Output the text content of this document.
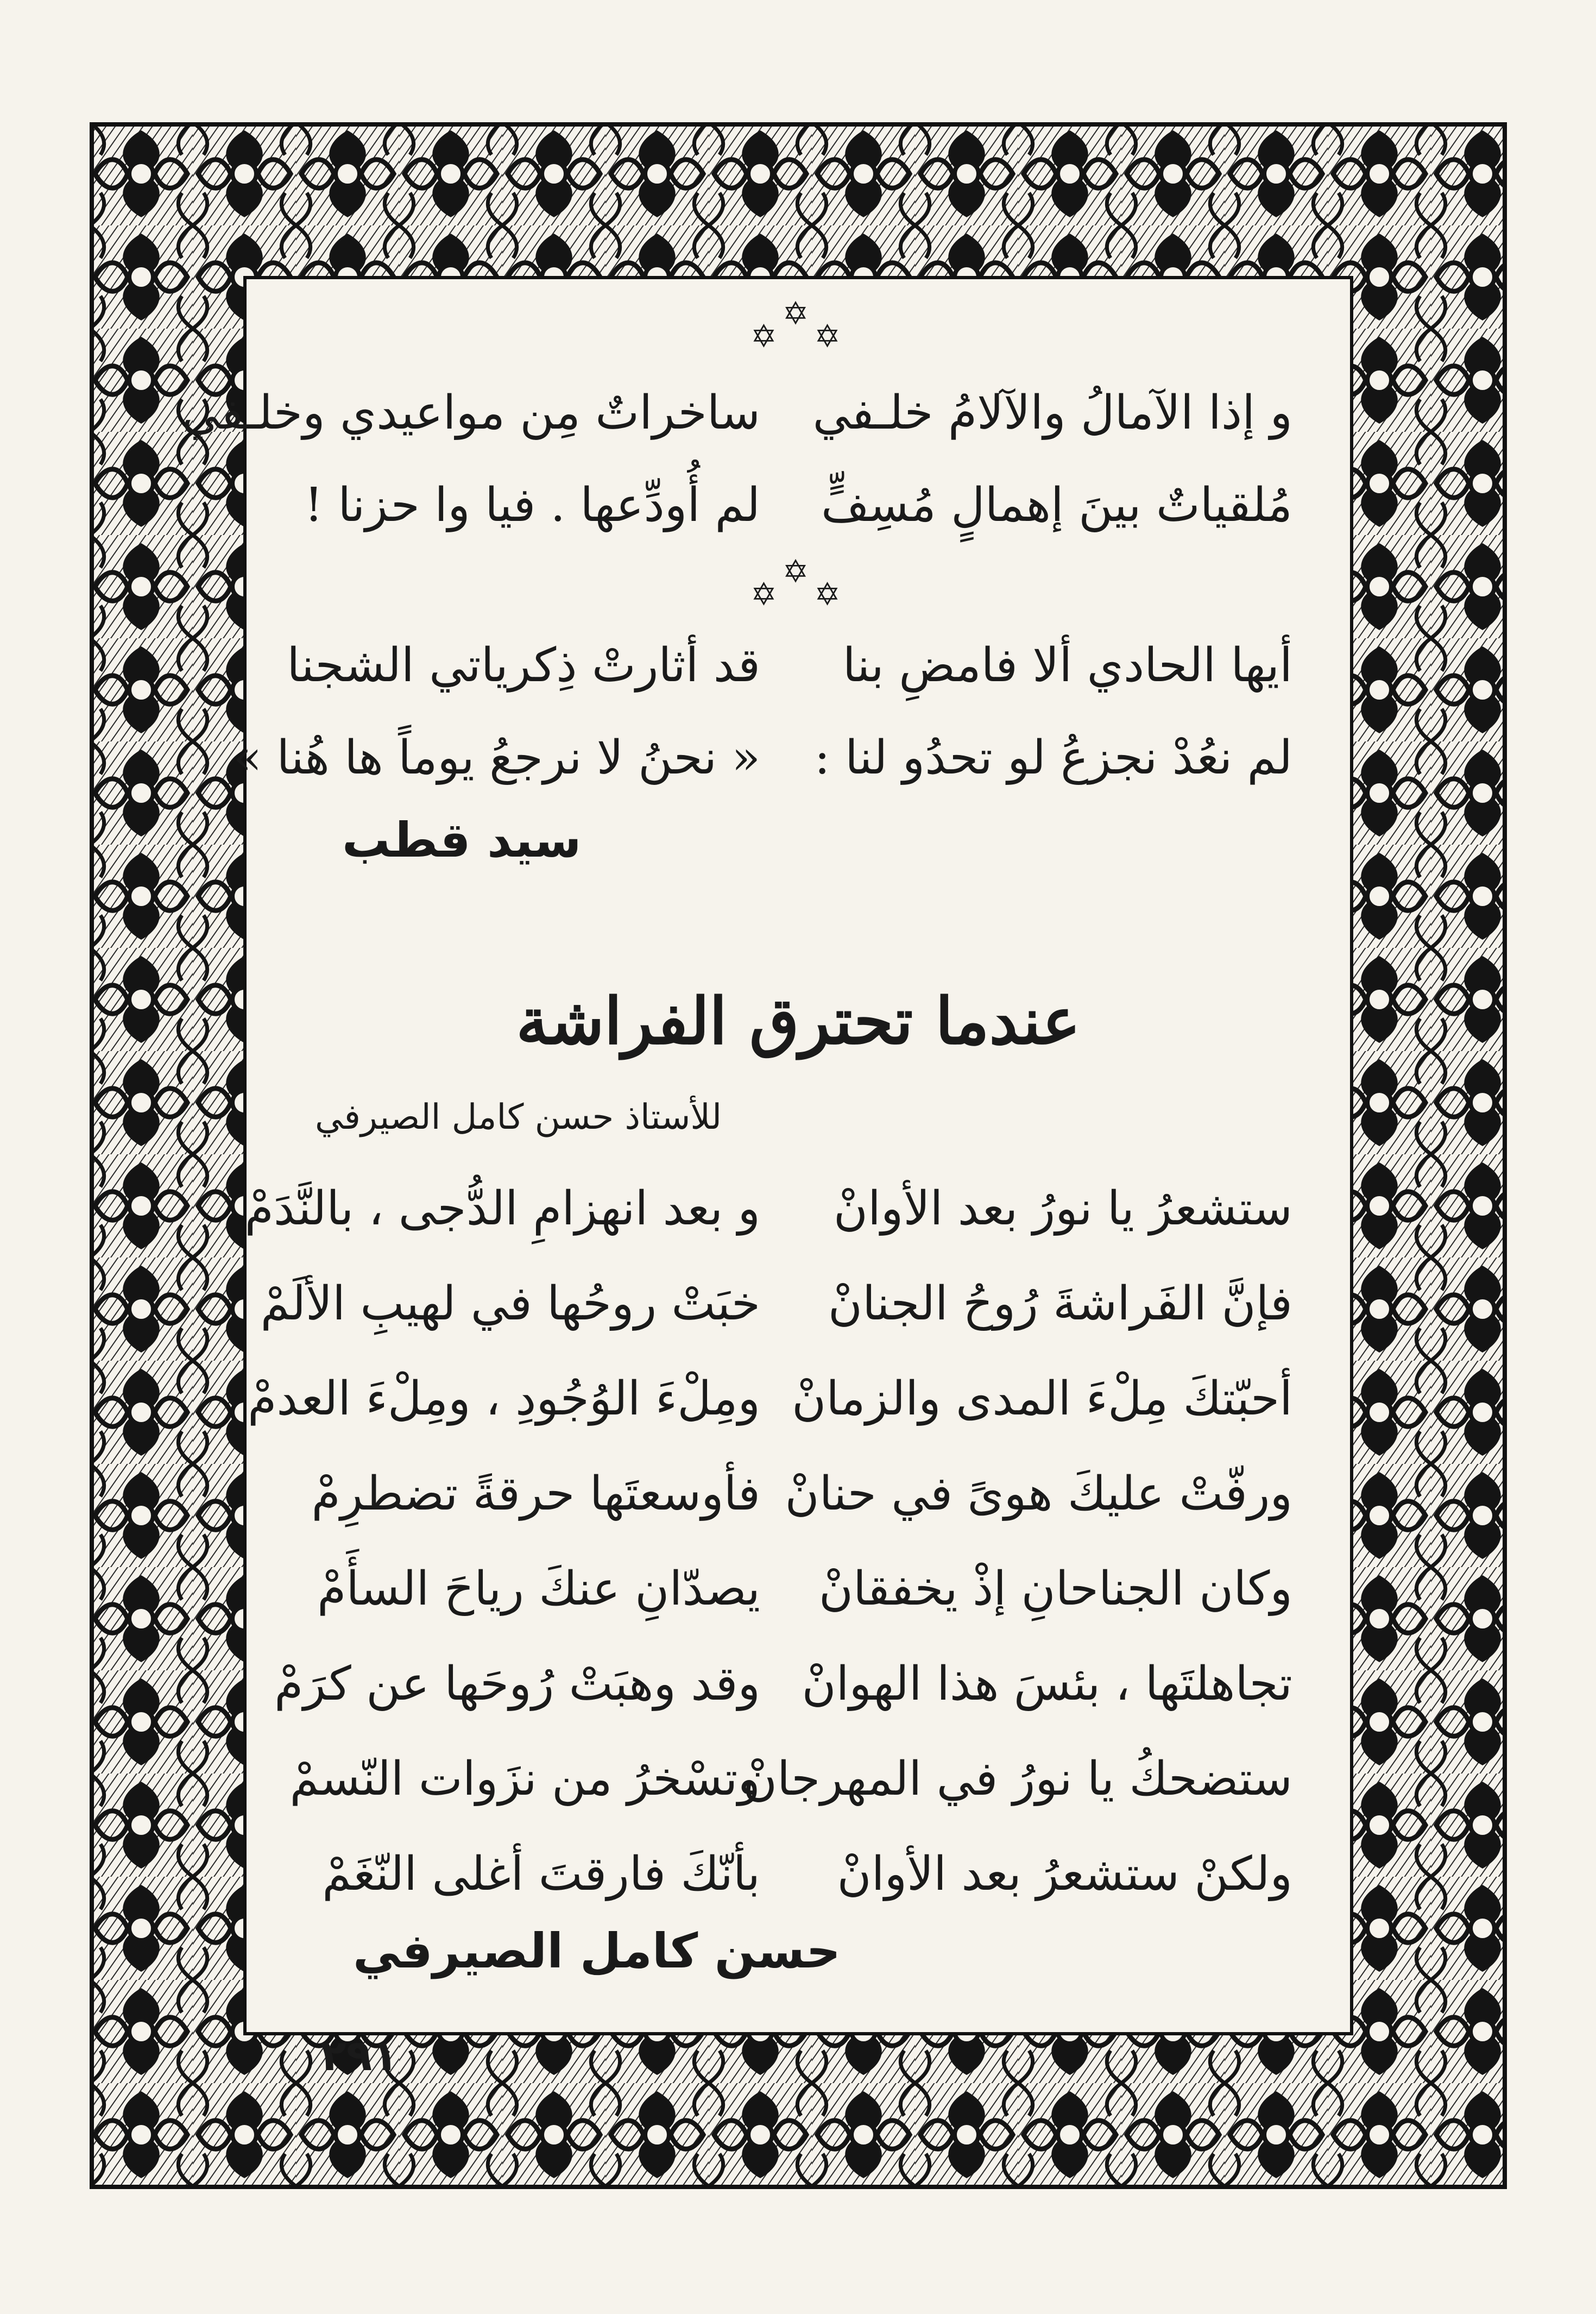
✡✡✡
و إذا الآمالُ والآلامُ خلـفي
ساخراتٌ مِن مواعيدي وخلـفي
مُلقياتٌ بينَ إهمالٍ مُسِفٍّ
لم أُودِّعها . فيا وا حزنا !
✡✡✡
أيها الحادي ألا فامضِ بنا
قد أثارتْ ذِكرياتي الشجنا
لم نعُدْ نجزعُ لو تحدُو لنا :
« نحنُ لا نرجعُ يوماً ها هُنا »
سيد قطب
عندما تحترق الفراشة
للأستاذ حسن كامل الصيرفي
ستشعرُ يا نورُ بعد الأوانْ
و بعد انهزامِ الدُّجى ، بالنَّدَمْ
فإنَّ الفَراشةَ رُوحُ الجنانْ
خبَتْ روحُها في لهيبِ الألَمْ
أحبّتكَ مِلْءَ المدى والزمانْ
ومِلْءَ الوُجُودِ ، ومِلْءَ العدمْ
ورفّتْ عليكَ هوىً في حنانْ
فأوسعتَها حرقةً تضطرِمْ
وكان الجناحانِ إذْ يخفقانْ
يصدّانِ عنكَ رياحَ السأَمْ
تجاهلتَها ، بئسَ هذا الهوانْ
وقد وهبَتْ رُوحَها عن كرَمْ
ستضحكُ يا نورُ في المهرجانْ
وتسْخرُ من نزَوات النّسمْ
ولكنْ ستشعرُ بعد الأوانْ
بأنّكَ فارقتَ أغلى النّغَمْ
حسن كامل الصيرفي
٢٩١
